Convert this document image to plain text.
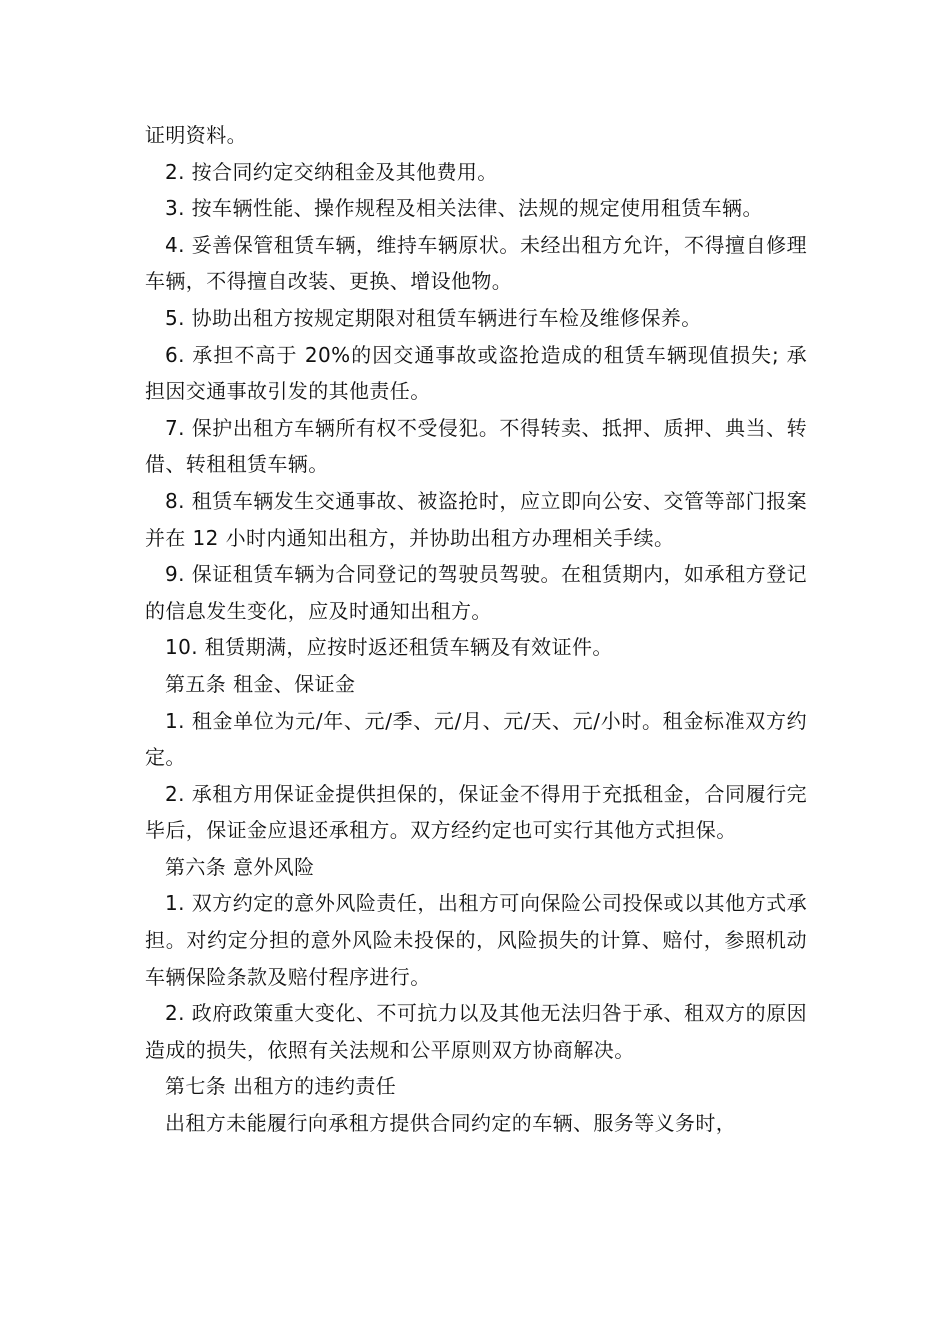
证明资料。

2. 按合同约定交纳租金及其他费用。

3. 按车辆性能、操作规程及相关法律、法规的规定使用租赁车辆。

4. 妥善保管租赁车辆，维持车辆原状。未经出租方允许，不得擅自修理车辆，不得擅自改装、更换、增设他物。

5. 协助出租方按规定期限对租赁车辆进行车检及维修保养。

6. 承担不高于 20%的因交通事故或盗抢造成的租赁车辆现值损失; 承担因交通事故引发的其他责任。

7. 保护出租方车辆所有权不受侵犯。不得转卖、抵押、质押、典当、转借、转租租赁车辆。

8. 租赁车辆发生交通事故、被盗抢时，应立即向公安、交管等部门报案并在 12 小时内通知出租方，并协助出租方办理相关手续。

9. 保证租赁车辆为合同登记的驾驶员驾驶。在租赁期内，如承租方登记的信息发生变化，应及时通知出租方。

10. 租赁期满，应按时返还租赁车辆及有效证件。

第五条 租金、保证金

1. 租金单位为元/年、元/季、元/月、元/天、元/小时。租金标准双方约定。

2. 承租方用保证金提供担保的，保证金不得用于充抵租金，合同履行完毕后，保证金应退还承租方。双方经约定也可实行其他方式担保。

第六条 意外风险

1. 双方约定的意外风险责任，出租方可向保险公司投保或以其他方式承担。对约定分担的意外风险未投保的，风险损失的计算、赔付，参照机动车辆保险条款及赔付程序进行。

2. 政府政策重大变化、不可抗力以及其他无法归咎于承、租双方的原因造成的损失，依照有关法规和公平原则双方协商解决。

第七条 出租方的违约责任

出租方未能履行向承租方提供合同约定的车辆、服务等义务时，
